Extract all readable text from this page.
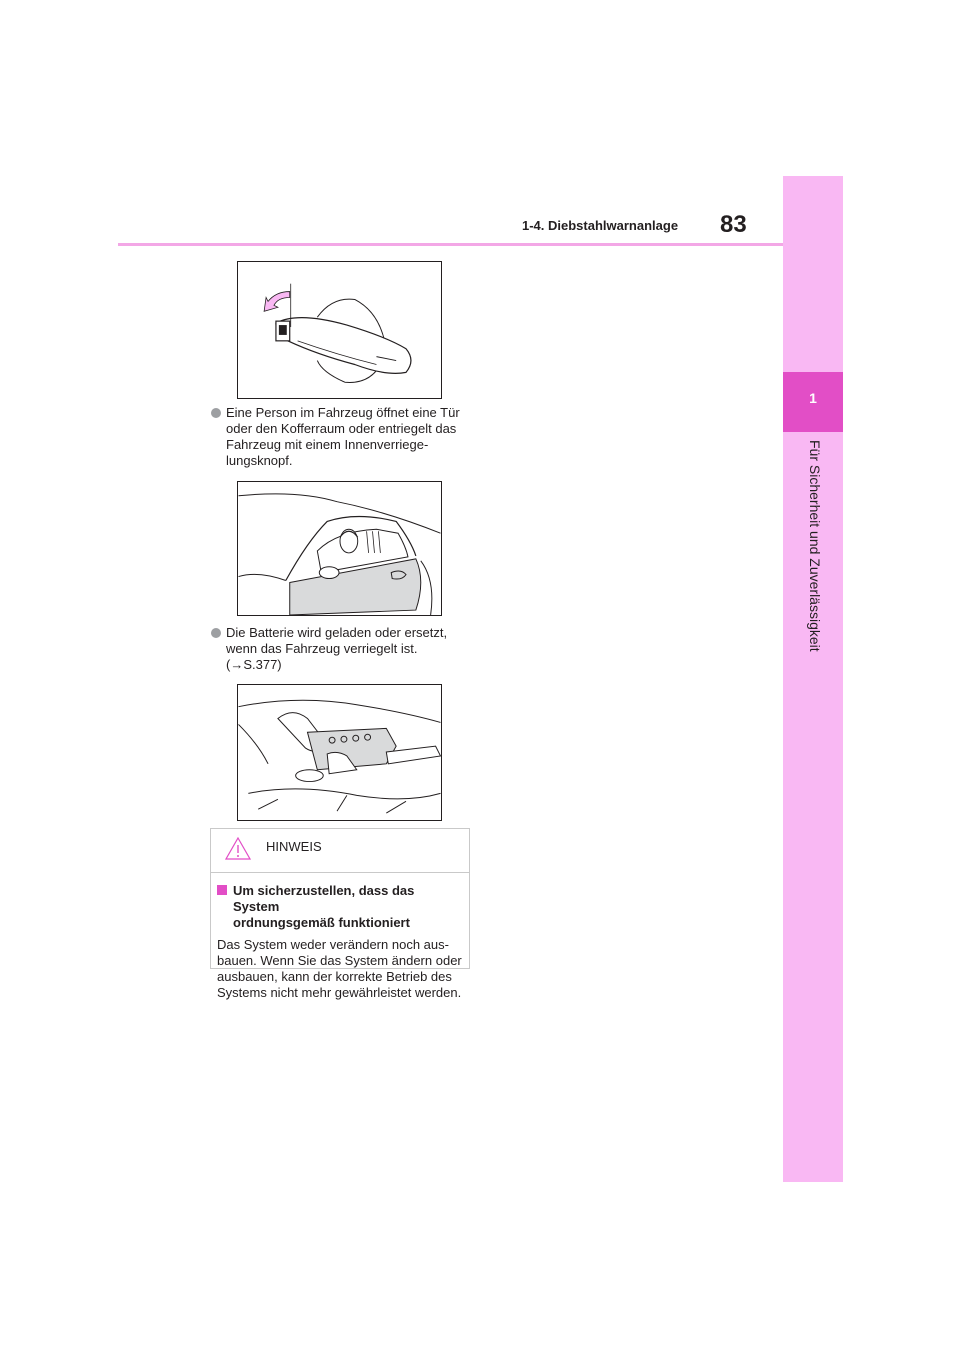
1
Für Sicherheit und Zuverlässigkeit
1-4. Diebstahlwarnanlage 83
Eine Person im Fahrzeug öffnet eine Tür
oder den Kofferraum oder entriegelt das
Fahrzeug mit einem Innenverriege-
lungsknopf.
Die Batterie wird geladen oder ersetzt,
wenn das Fahrzeug verriegelt ist.
(→S.377)
HINWEIS
Um sicherzustellen, dass das System
ordnungsgemäß funktioniert
Das System weder verändern noch aus-
bauen. Wenn Sie das System ändern oder
ausbauen, kann der korrekte Betrieb des
Systems nicht mehr gewährleistet werden.
